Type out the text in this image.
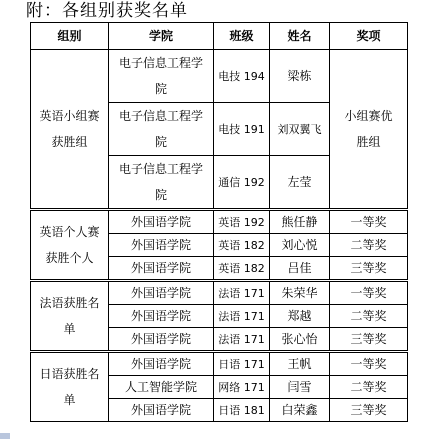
附：各组别获奖名单
组别	学院	班级	姓名	奖项
英语小组赛获胜组	电子信息工程学院	电技 194	梁栋	小组赛优胜组
	电子信息工程学院	电技 191	刘双翼飞	
	电子信息工程学院	通信 192	左莹	
英语个人赛获胜个人	外国语学院	英语 192	熊任静	一等奖
	外国语学院	英语 182	刘心悦	二等奖
	外国语学院	英语 182	吕佳	三等奖
法语获胜名单	外国语学院	法语 171	朱荣华	一等奖
	外国语学院	法语 171	郑越	二等奖
	外国语学院	法语 171	张心怡	三等奖
日语获胜名单	外国语学院	日语 171	王帆	一等奖
	人工智能学院	网络 171	闫雪	二等奖
	外国语学院	日语 181	白荣鑫	三等奖
